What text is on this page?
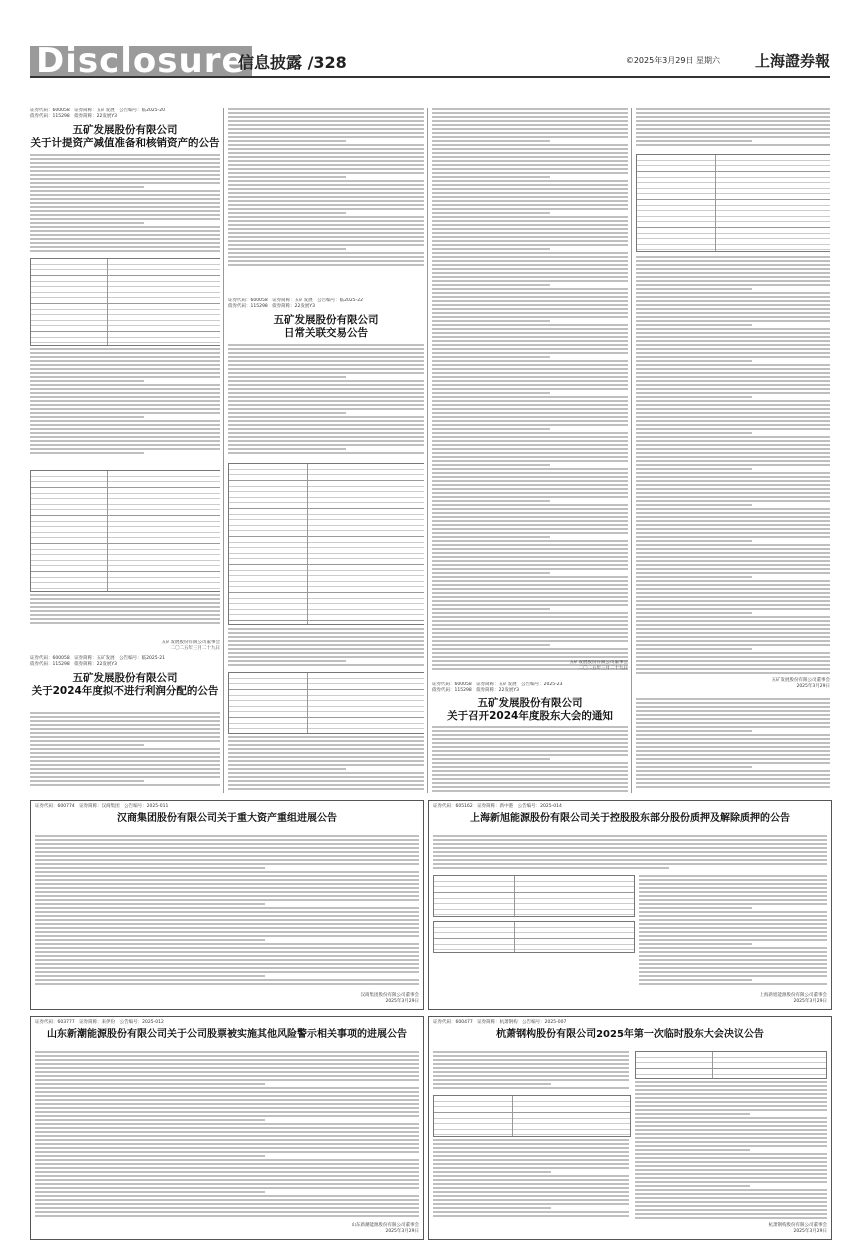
Disclosure
信息披露 /328	©2025年3月29日 星期六 上海證券報
证券代码：600058　证券简称：五矿发展　公告编号：临2025-20
债券代码：115298　债券简称：22发展Y3
五矿发展股份有限公司
关于计提资产减值准备和核销资产的公告
五矿发展股份有限公司董事会
二〇二五年三月二十九日
证券代码：600058　证券简称：五矿发展　公告编号：临2025-21
债券代码：115298　债券简称：22发展Y3
五矿发展股份有限公司
关于2024年度拟不进行利润分配的公告
证券代码：600058　证券简称：五矿发展　公告编号：临2025-22
债券代码：115298　债券简称：22发展Y3
五矿发展股份有限公司
日常关联交易公告
五矿发展股份有限公司董事会
二〇二五年三月二十九日
证券代码：600058　证券简称：五矿发展　公告编号：2025-23
债券代码：115298　债券简称：22发展Y3
五矿发展股份有限公司
关于召开2024年度股东大会的通知
五矿发展股份有限公司董事会
2025年3月29日
证券代码：600774　证券简称：汉商集团　公告编号：2025-011
汉商集团股份有限公司关于重大资产重组进展公告
汉商集团股份有限公司董事会
2025年3月29日
证券代码：605162　证券简称：新中港　公告编号：2025-014
上海新旭能源股份有限公司关于控股股东部分股份质押及解除质押的公告
上海新旭能源股份有限公司董事会
2025年3月29日
证券代码：603777　证券简称：来伊份　公告编号：2025-012
山东新潮能源股份有限公司关于公司股票被实施其他风险警示相关事项的进展公告
山东新潮能源股份有限公司董事会
2025年3月29日
证券代码：600477　证券简称：杭萧钢构　公告编号：2025-007
杭萧钢构股份有限公司2025年第一次临时股东大会决议公告
杭萧钢构股份有限公司董事会
2025年3月29日
